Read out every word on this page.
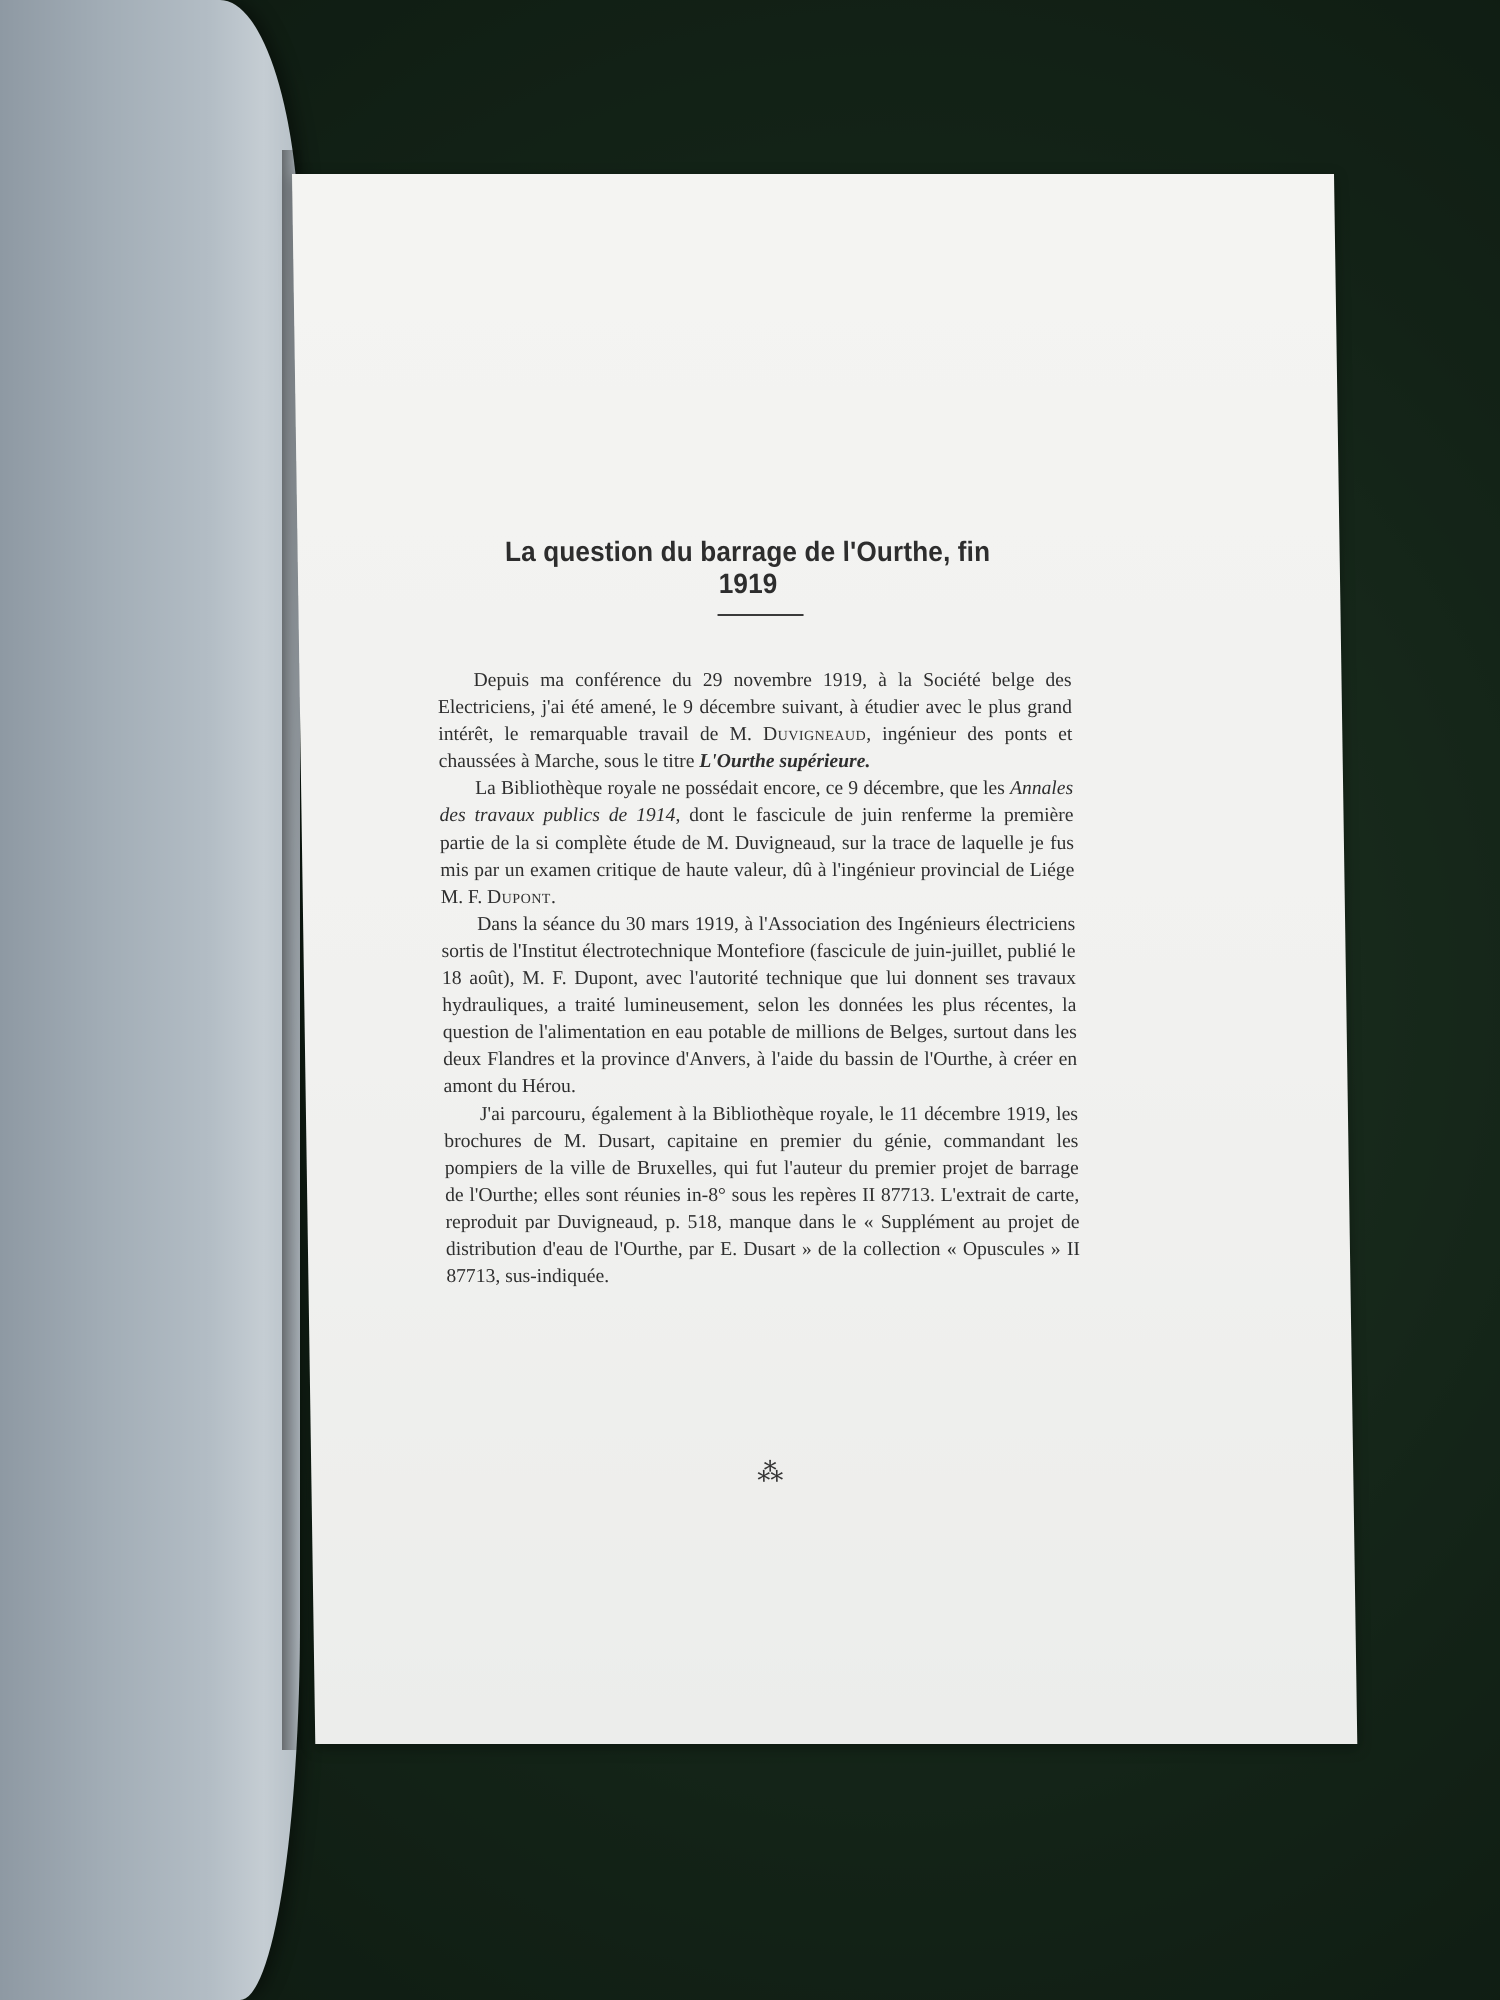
La question du barrage de l'Ourthe, fin 1919

Depuis ma conférence du 29 novembre 1919, à la Société belge des Electriciens, j'ai été amené, le 9 décembre suivant, à étudier avec le plus grand intérêt, le remarquable travail de M. Duvigneaud, ingénieur des ponts et chaussées à Marche, sous le titre L'Ourthe supérieure.

La Bibliothèque royale ne possédait encore, ce 9 décembre, que les Annales des travaux publics de 1914, dont le fascicule de juin renferme la première partie de la si complète étude de M. Duvigneaud, sur la trace de laquelle je fus mis par un examen critique de haute valeur, dû à l'ingénieur provincial de Liége M. F. Dupont.

Dans la séance du 30 mars 1919, à l'Association des Ingénieurs électriciens sortis de l'Institut électrotechnique Montefiore (fascicule de juin-juillet, publié le 18 août), M. F. Dupont, avec l'autorité technique que lui donnent ses travaux hydrauliques, a traité lumineusement, selon les données les plus récentes, la question de l'alimentation en eau potable de millions de Belges, surtout dans les deux Flandres et la province d'Anvers, à l'aide du bassin de l'Ourthe, à créer en amont du Hérou.

J'ai parcouru, également à la Bibliothèque royale, le 11 décembre 1919, les brochures de M. Dusart, capitaine en premier du génie, commandant les pompiers de la ville de Bruxelles, qui fut l'auteur du premier projet de barrage de l'Ourthe; elles sont réunies in-8° sous les repères II 87713. L'extrait de carte, reproduit par Duvigneaud, p. 518, manque dans le « Supplément au projet de distribution d'eau de l'Ourthe, par E. Dusart » de la collection « Opuscules » II 87713, sus-indiquée.

⁂
